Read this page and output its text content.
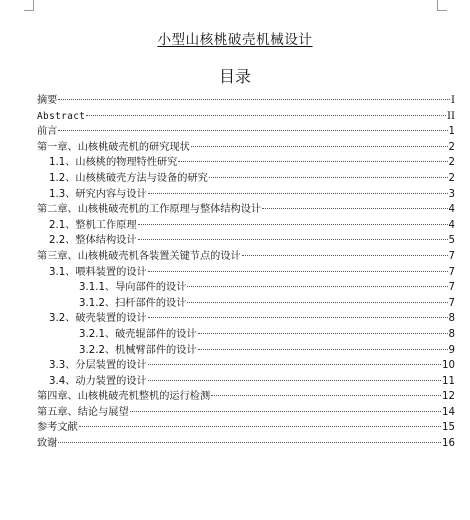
小型山核桃破壳机械设计
目录
摘要	I
Abstract	II
前言	1
第一章、山核桃破壳机的研究现状	2
1.1、山核桃的物理特性研究	2
1.2、山核桃破壳方法与设备的研究	2
1.3、研究内容与设计	3
第二章、山核桃破壳机的工作原理与整体结构设计	4
2.1、整机工作原理	4
2.2、整体结构设计	5
第三章、山核桃破壳机各装置关键节点的设计	7
3.1、喂料装置的设计	7
3.1.1、导向部件的设计	7
3.1.2、扫杆部件的设计	7
3.2、破壳装置的设计	8
3.2.1、破壳辊部件的设计	8
3.2.2、机械臂部件的设计	9
3.3、分层装置的设计	10
3.4、动力装置的设计	11
第四章、山核桃破壳机整机的运行检测	12
第五章、结论与展望	14
参考文献	15
致谢	16
